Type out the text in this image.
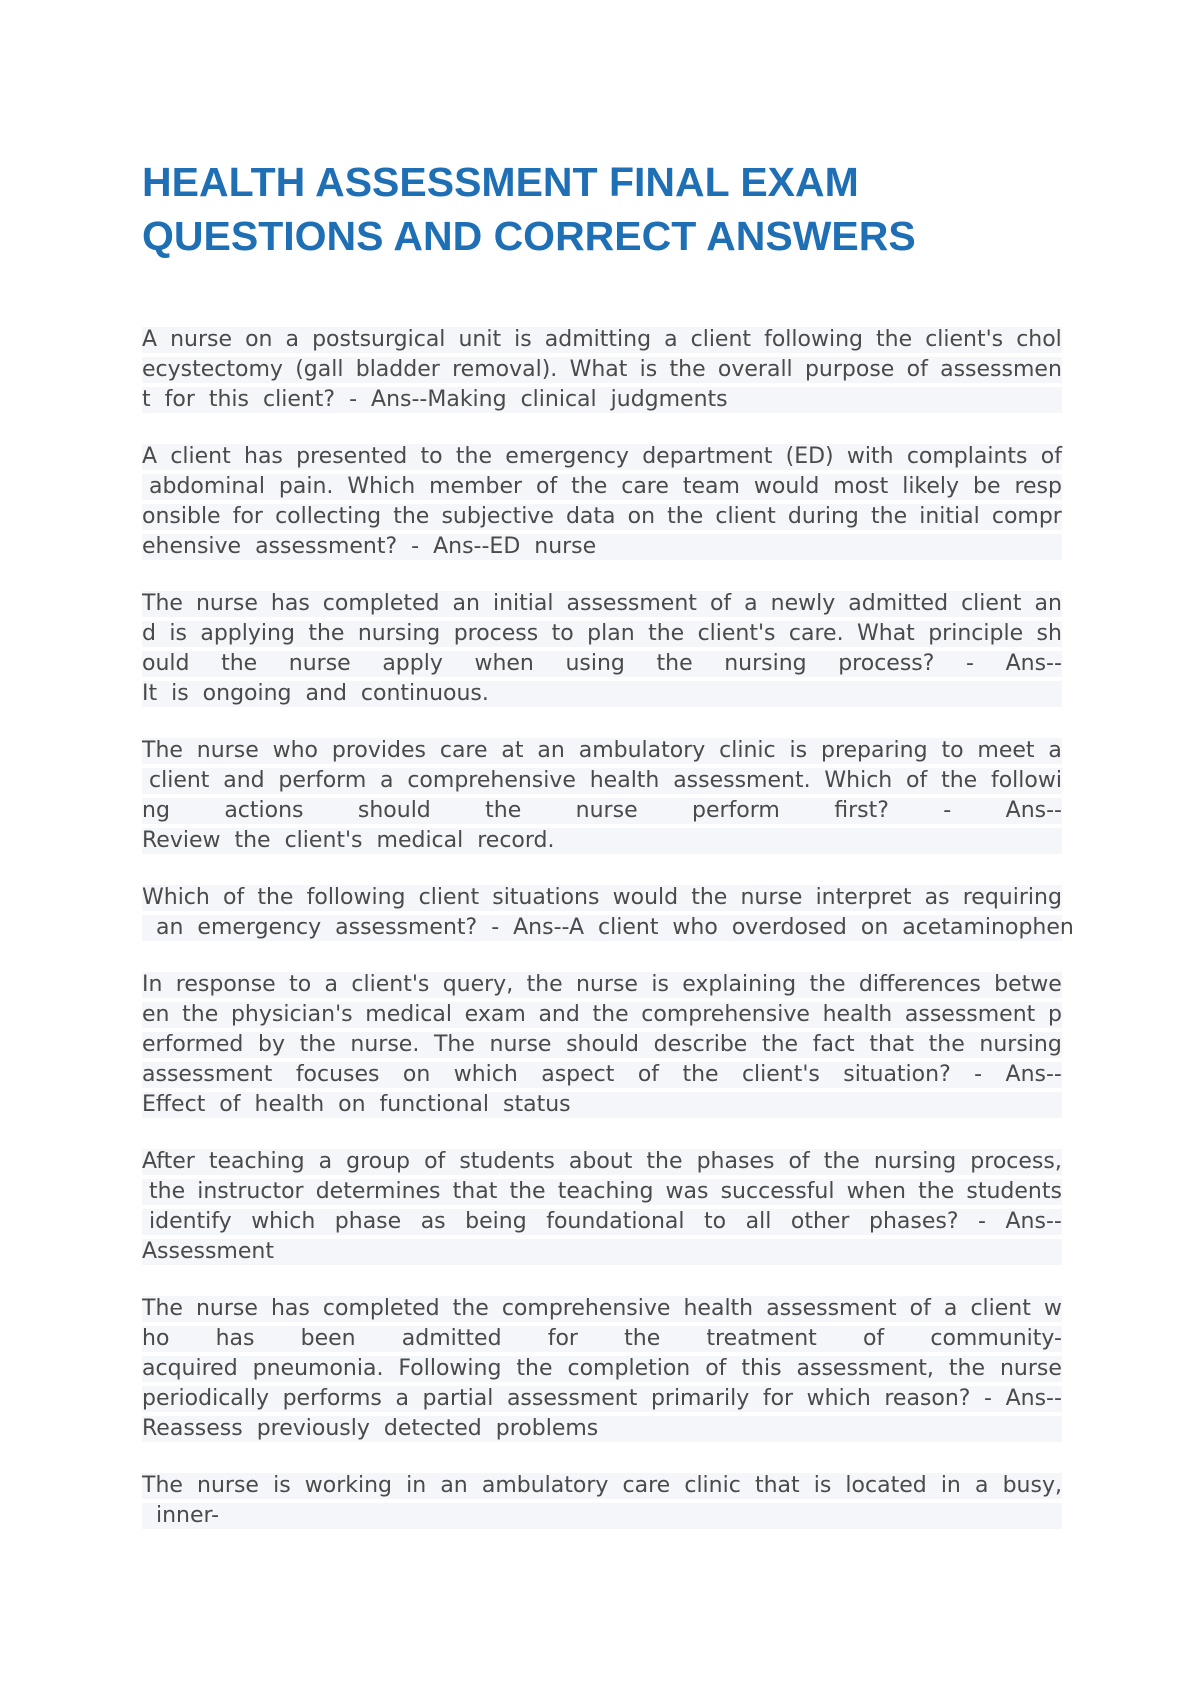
HEALTH ASSESSMENT FINAL EXAM
QUESTIONS AND CORRECT ANSWERS
A nurse on a postsurgical unit is admitting a client following the client's chol
ecystectomy (gall bladder removal). What is the overall purpose of assessmen
t for this client? - Ans--Making clinical judgments
A client has presented to the emergency department (ED) with complaints of
abdominal pain. Which member of the care team would most likely be resp
onsible for collecting the subjective data on the client during the initial compr
ehensive assessment? - Ans--ED nurse
The nurse has completed an initial assessment of a newly admitted client an
d is applying the nursing process to plan the client's care. What principle sh
ould the nurse apply when using the nursing process? - Ans--
It is ongoing and continuous.
The nurse who provides care at an ambulatory clinic is preparing to meet a
client and perform a comprehensive health assessment. Which of the followi
ng actions should the nurse perform first? - Ans--
Review the client's medical record.
Which of the following client situations would the nurse interpret as requiring
an emergency assessment? - Ans--A client who overdosed on acetaminophen
In response to a client's query, the nurse is explaining the differences betwe
en the physician's medical exam and the comprehensive health assessment p
erformed by the nurse. The nurse should describe the fact that the nursing
assessment focuses on which aspect of the client's situation? - Ans--
Effect of health on functional status
After teaching a group of students about the phases of the nursing process,
the instructor determines that the teaching was successful when the students
identify which phase as being foundational to all other phases? - Ans--
Assessment
The nurse has completed the comprehensive health assessment of a client w
ho has been admitted for the treatment of community-
acquired pneumonia. Following the completion of this assessment, the nurse
periodically performs a partial assessment primarily for which reason? - Ans--
Reassess previously detected problems
The nurse is working in an ambulatory care clinic that is located in a busy,
inner-
